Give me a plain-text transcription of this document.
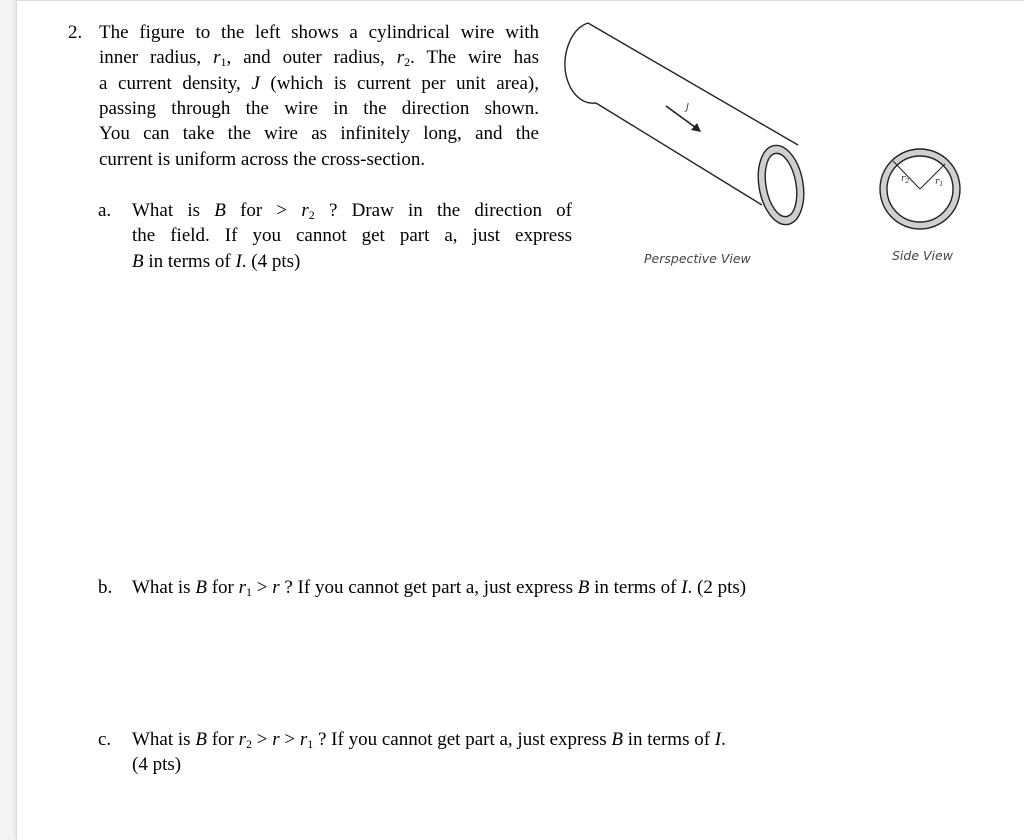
2. The figure to the left shows a cylindrical wire with
inner radius, $r_1$, and outer radius, $r_2$. The wire has
a current density, J (which is current per unit area),
passing through the wire in the direction shown.
You can take the wire as infinitely long, and the
current is uniform across the cross-section.
a. What is B for > $r_2$ ? Draw in the direction of
the field. If you cannot get part a, just express
B in terms of I. (4 pts)
b. What is B for $r_1 > r$ ? If you cannot get part a, just express B in terms of I. (2 pts)
c. What is B for $r_2 > r > r_1$ ? If you cannot get part a, just express B in terms of I.
(4 pts)
J
Perspective View
$r_2$	$r_1$
Side View
